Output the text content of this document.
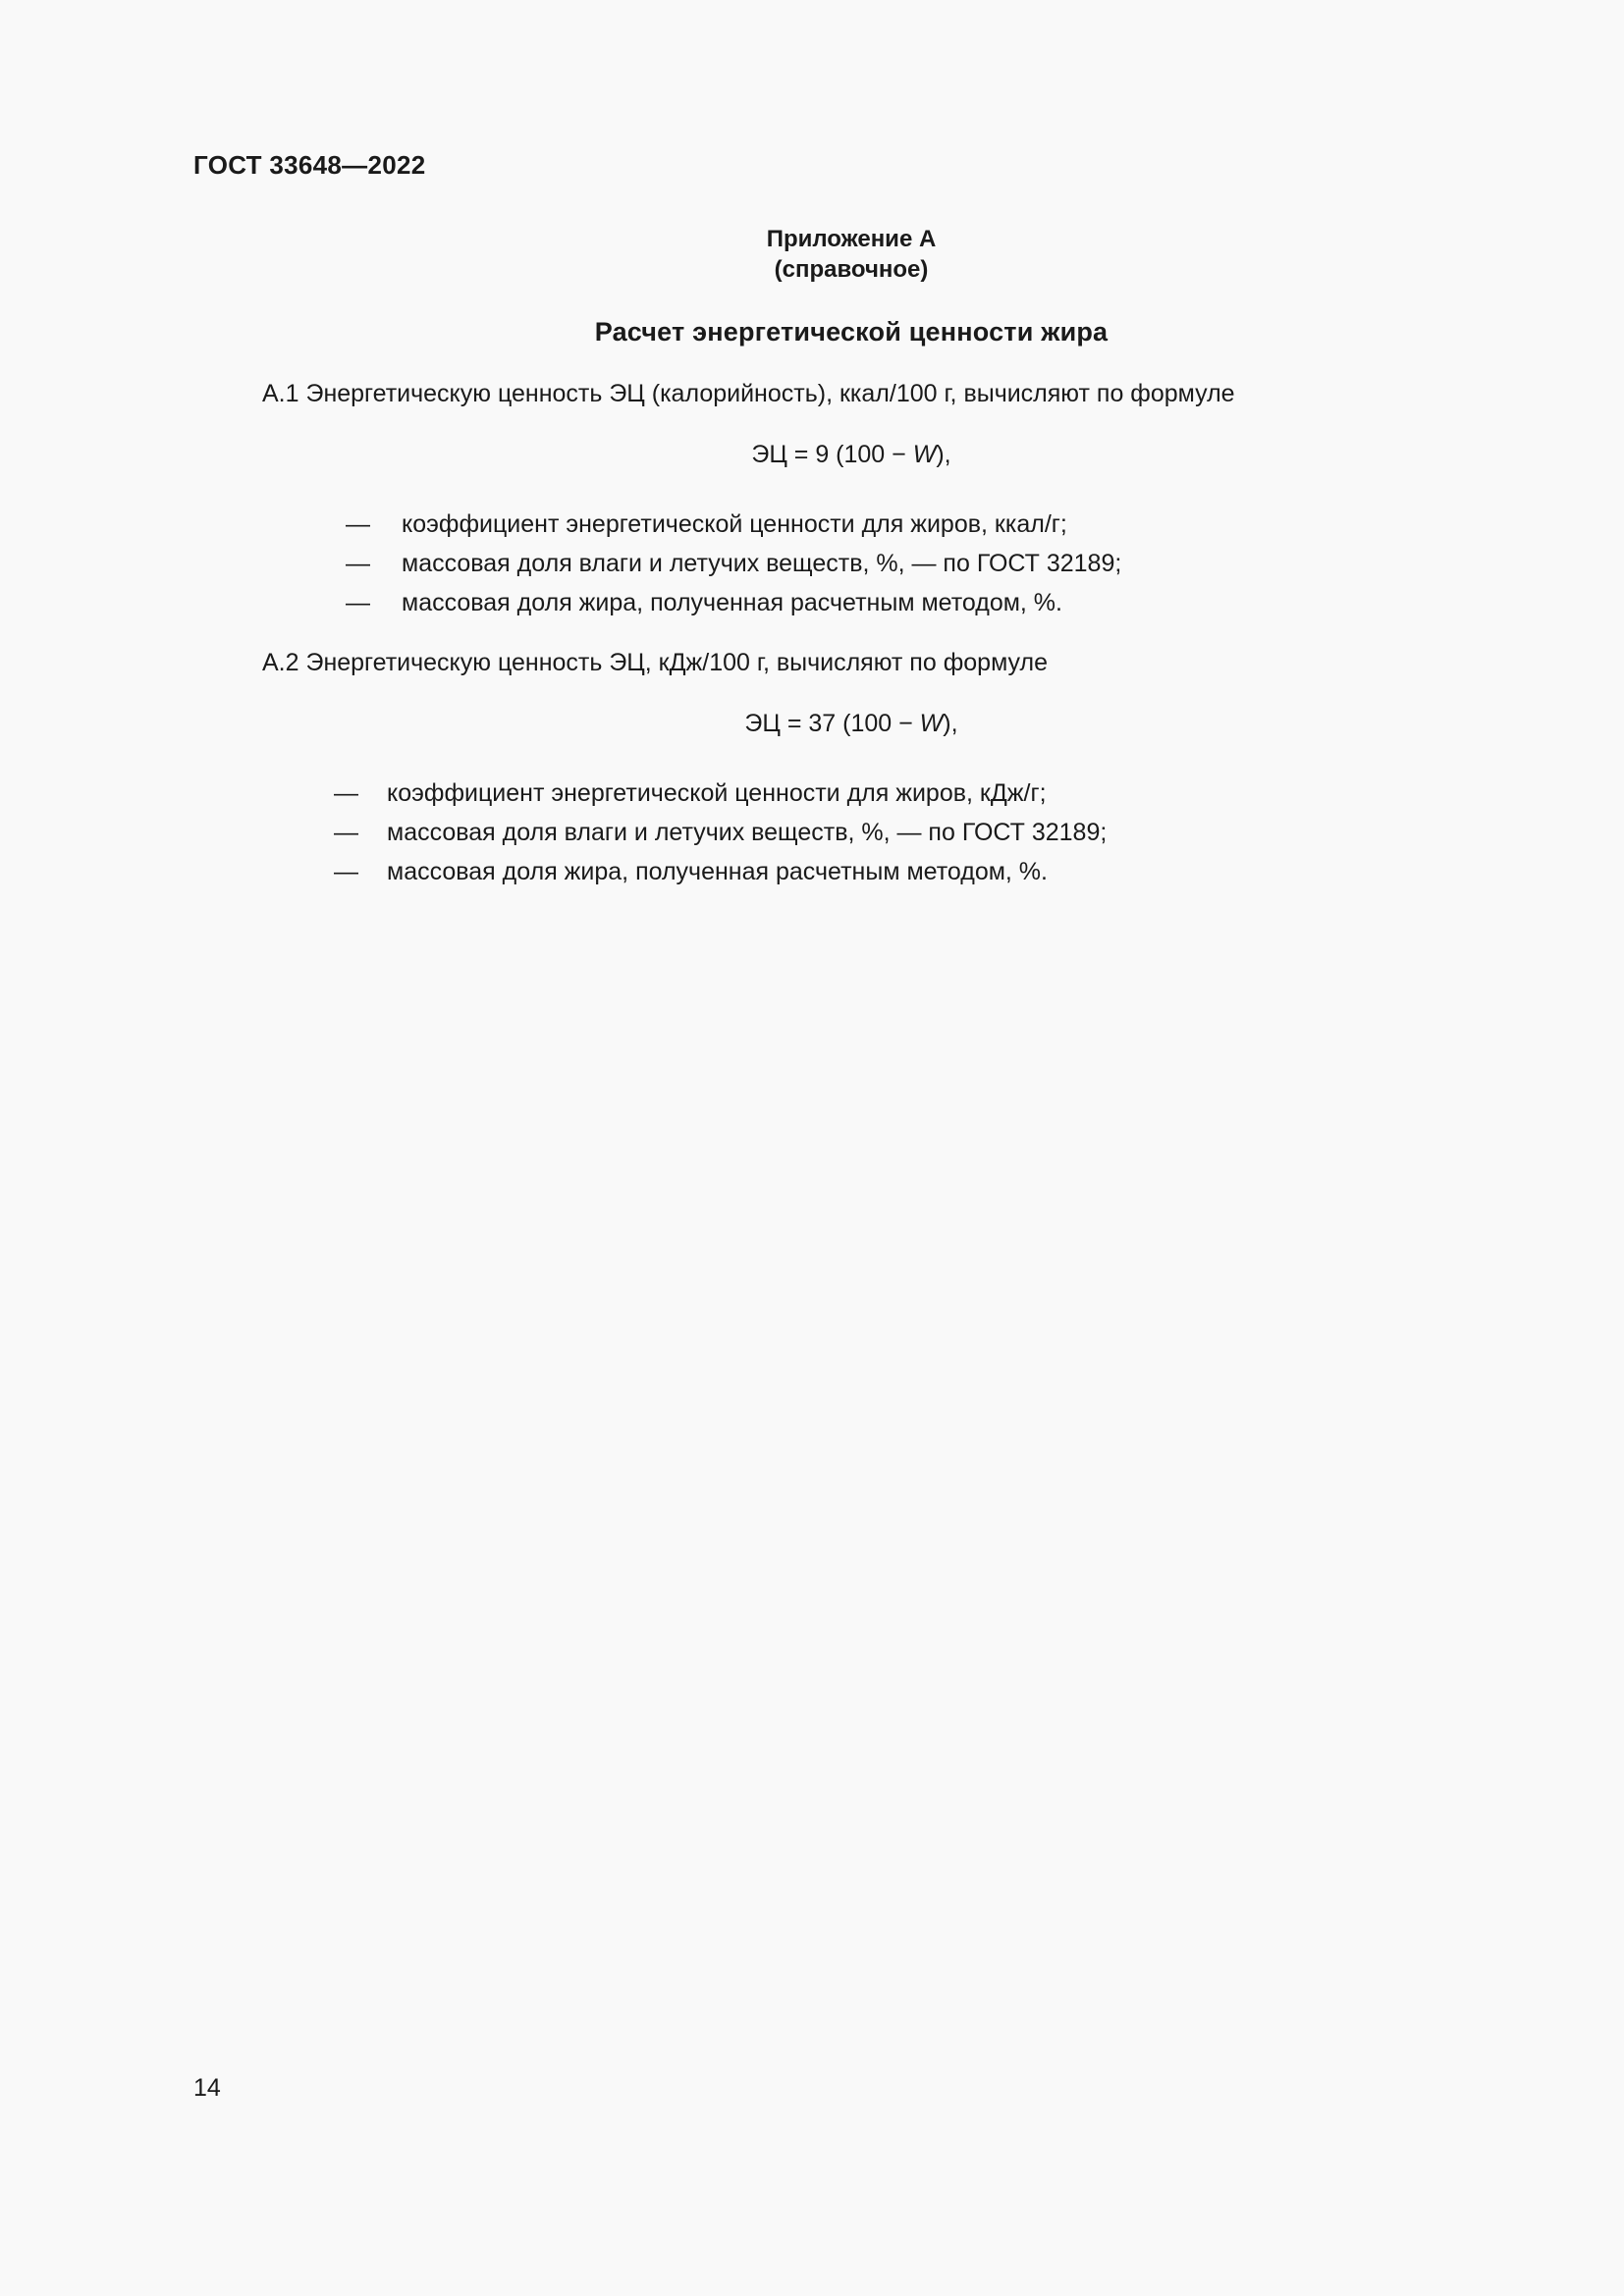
ГОСТ 33648—2022
Приложение А
(справочное)
Расчет энергетической ценности жира
А.1 Энергетическую ценность ЭЦ (калорийность), ккал/100 г, вычисляют по формуле
ЭЦ = 9 (100 − W),
— коэффициент энергетической ценности для жиров, ккал/г;
— массовая доля влаги и летучих веществ, %, — по ГОСТ 32189;
— массовая доля жира, полученная расчетным методом, %.
А.2 Энергетическую ценность ЭЦ, кДж/100 г, вычисляют по формуле
ЭЦ = 37 (100 − W),
— коэффициент энергетической ценности для жиров, кДж/г;
— массовая доля влаги и летучих веществ, %, — по ГОСТ 32189;
— массовая доля жира, полученная расчетным методом, %.
14
